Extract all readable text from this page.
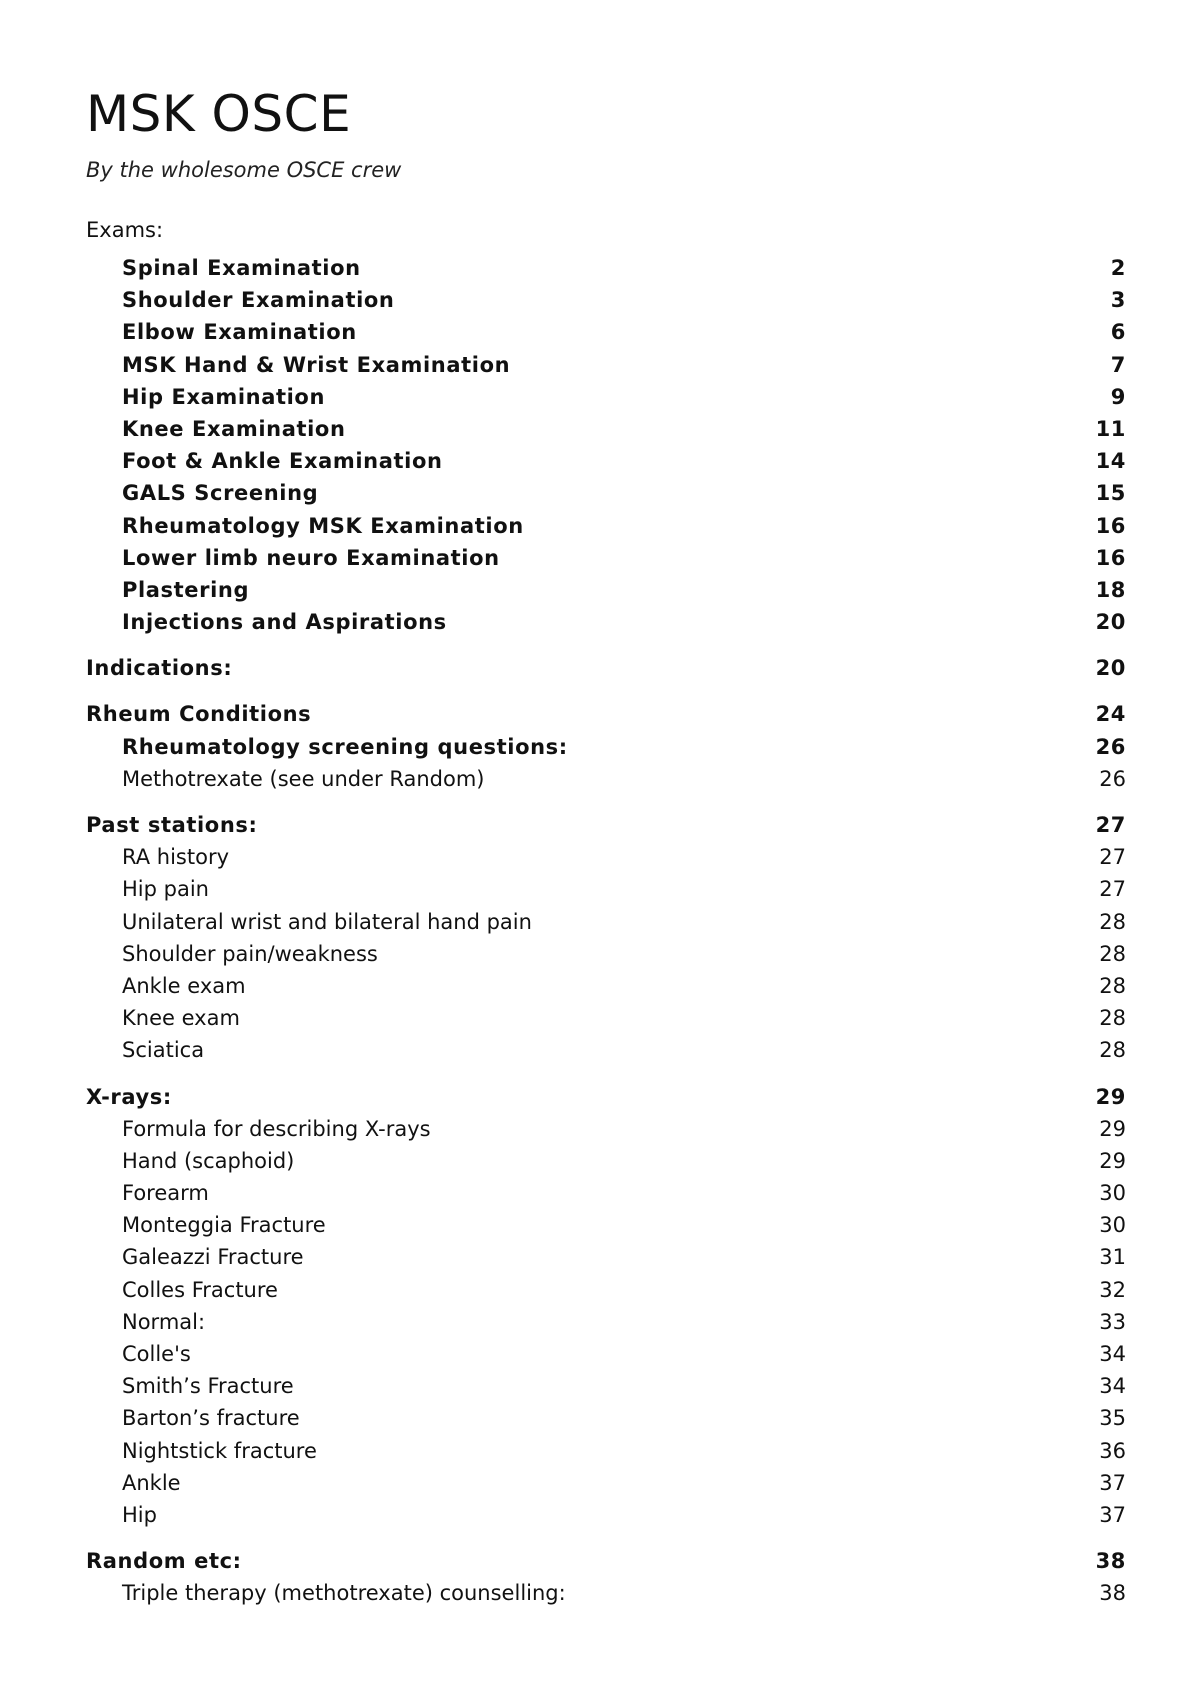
MSK OSCE
By the wholesome OSCE crew
Exams:
Spinal Examination	2
Shoulder Examination	3
Elbow Examination	6
MSK Hand & Wrist Examination	7
Hip Examination	9
Knee Examination	11
Foot & Ankle Examination	14
GALS Screening	15
Rheumatology MSK Examination	16
Lower limb neuro Examination	16
Plastering	18
Injections and Aspirations	20
Indications:	20
Rheum Conditions	24
Rheumatology screening questions:	26
Methotrexate (see under Random)	26
Past stations:	27
RA history	27
Hip pain	27
Unilateral wrist and bilateral hand pain	28
Shoulder pain/weakness	28
Ankle exam	28
Knee exam	28
Sciatica	28
X-rays:	29
Formula for describing X-rays	29
Hand (scaphoid)	29
Forearm	30
Monteggia Fracture	30
Galeazzi Fracture	31
Colles Fracture	32
Normal:	33
Colle's	34
Smith’s Fracture	34
Barton’s fracture	35
Nightstick fracture	36
Ankle	37
Hip	37
Random etc:	38
Triple therapy (methotrexate) counselling:	38
